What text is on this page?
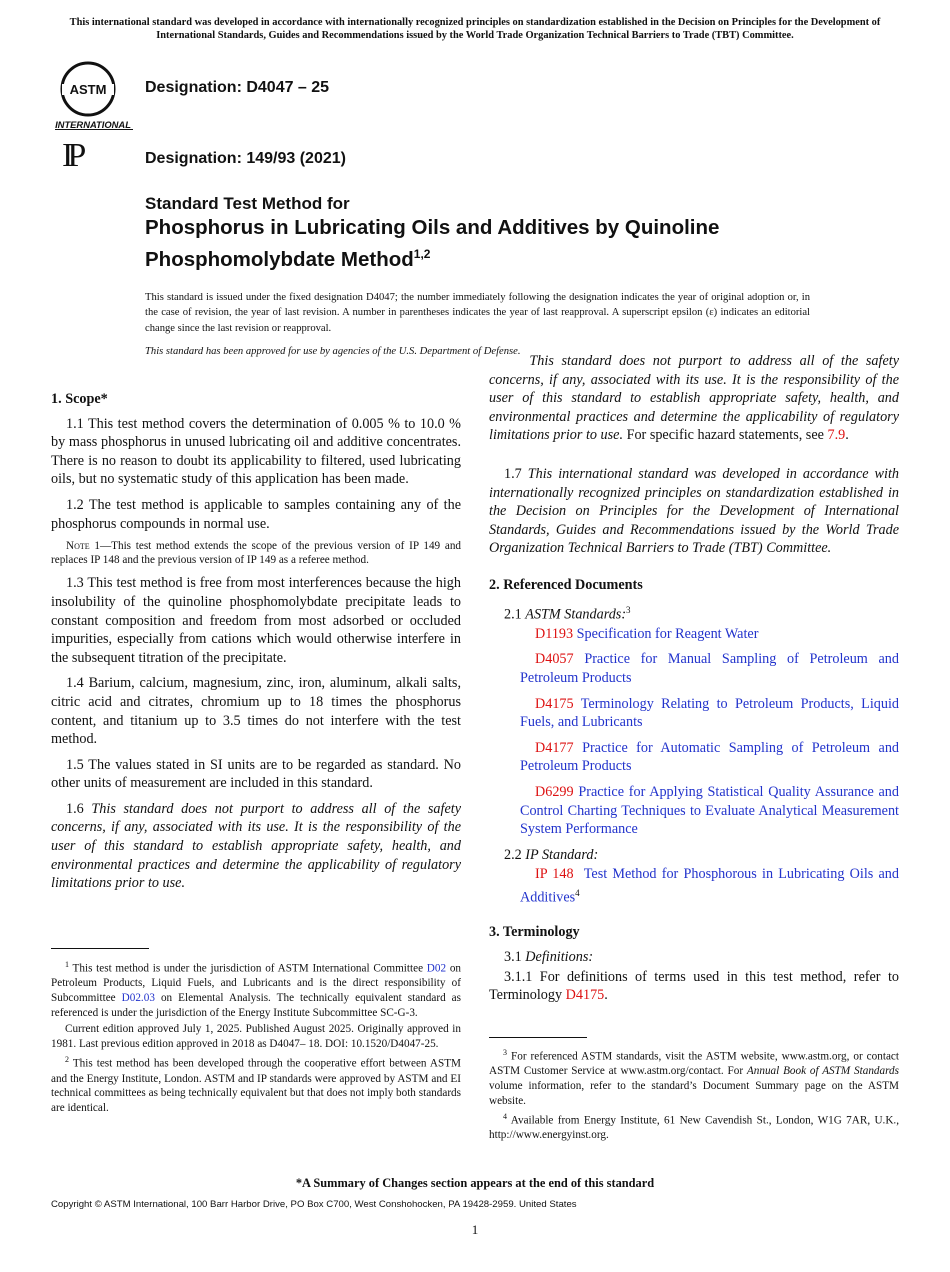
This international standard was developed in accordance with internationally recognized principles on standardization established in the Decision on Principles for the Development of International Standards, Guides and Recommendations issued by the World Trade Organization Technical Barriers to Trade (TBT) Committee.
ASTM
INTERNATIONAL
Designation: D4047 – 25
IP	Designation: 149/93 (2021)
Standard Test Method for
Phosphorus in Lubricating Oils and Additives by Quinoline Phosphomolybdate Method$^{1,2}$

This standard is issued under the fixed designation D4047; the number immediately following the designation indicates the year of original adoption or, in the case of revision, the year of last revision. A number in parentheses indicates the year of last reapproval. A superscript epsilon (ε) indicates an editorial change since the last revision or reapproval.

This standard has been approved for use by agencies of the U.S. Department of Defense.

1. Scope*

1.1 This test method covers the determination of 0.005 % to 10.0 % by mass phosphorus in unused lubricating oil and additive concentrates. There is no reason to doubt its applicability to filtered, used lubricating oils, but no systematic study of this application has been made.

1.2 The test method is applicable to samples containing any of the phosphorus compounds in normal use.

Note 1—This test method extends the scope of the previous version of IP 149 and replaces IP 148 and the previous version of IP 149 as a referee method.

1.3 This test method is free from most interferences because the high insolubility of the quinoline phosphomolybdate precipitate leads to constant composition and freedom from most adsorbed or occluded impurities, especially from cations which would otherwise interfere in the subsequent titration of the precipitate.

1.4 Barium, calcium, magnesium, zinc, iron, aluminum, alkali salts, citric acid and citrates, chromium up to 18 times the phosphorus content, and titanium up to 3.5 times do not interfere with the test method.

1.5 The values stated in SI units are to be regarded as standard. No other units of measurement are included in this standard.

1.6 This standard does not purport to address all of the safety concerns, if any, associated with its use. It is the responsibility of the user of this standard to establish appropriate safety, health, and environmental practices and determine the applicability of regulatory limitations prior to use.

$^1$ This test method is under the jurisdiction of ASTM International Committee D02 on Petroleum Products, Liquid Fuels, and Lubricants and is the direct responsibility of Subcommittee D02.03 on Elemental Analysis. The technically equivalent standard as referenced is under the jurisdiction of the Energy Institute Subcommittee SC-G-3.

Current edition approved July 1, 2025. Published August 2025. Originally approved in 1981. Last previous edition approved in 2018 as D4047– 18. DOI: 10.1520/D4047-25.

$^2$ This test method has been developed through the cooperative effort between ASTM and the Energy Institute, London. ASTM and IP standards were approved by ASTM and EI technical committees as being technically equivalent but that does not imply both standards are identical.

This standard does not purport to address all of the safety concerns, if any, associated with its use. It is the responsibility of the user of this standard to establish appropriate safety, health, and environmental practices and determine the applicability of regulatory limitations prior to use. For specific hazard statements, see 7.9.

1.7 This international standard was developed in accordance with internationally recognized principles on standardization established in the Decision on Principles for the Development of International Standards, Guides and Recommendations issued by the World Trade Organization Technical Barriers to Trade (TBT) Committee.

2. Referenced Documents

2.1 ASTM Standards:$^3$

D1193 Specification for Reagent Water

D4057 Practice for Manual Sampling of Petroleum and Petroleum Products

D4175 Terminology Relating to Petroleum Products, Liquid Fuels, and Lubricants

D4177 Practice for Automatic Sampling of Petroleum and Petroleum Products

D6299 Practice for Applying Statistical Quality Assurance and Control Charting Techniques to Evaluate Analytical Measurement System Performance

2.2 IP Standard:

IP 148 Test Method for Phosphorous in Lubricating Oils and Additives$^4$

3. Terminology

3.1 Definitions:

3.1.1 For definitions of terms used in this test method, refer to Terminology D4175.

$^3$ For referenced ASTM standards, visit the ASTM website, www.astm.org, or contact ASTM Customer Service at www.astm.org/contact. For Annual Book of ASTM Standards volume information, refer to the standard’s Document Summary page on the ASTM website.

$^4$ Available from Energy Institute, 61 New Cavendish St., London, W1G 7AR, U.K., http://www.energyinst.org.

*A Summary of Changes section appears at the end of this standard
Copyright © ASTM International, 100 Barr Harbor Drive, PO Box C700, West Conshohocken, PA 19428-2959. United States
1
